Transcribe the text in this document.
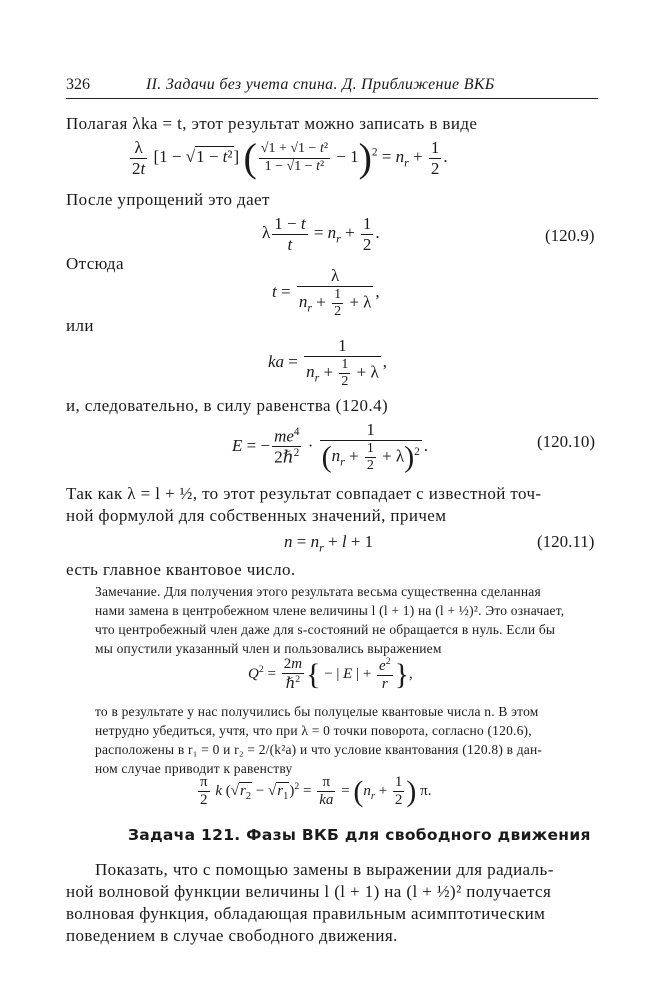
326	II. Задачи без учета спина. Д. Приближение ВКБ
Полагая λka = t, этот результат можно записать в виде
$\frac{\lambda}{2t} [1 - √1 - t^2]$ ( $\frac{\text{√1 + √1 − t²}}{\text{1 − √1 − t²}} - 1)^2 = n_r + \frac{1}{2}$ .
После упрощений это дает
λ $\frac{1 - t}{t} = n_r + \frac{1}{2}$ .	(120.9)
Отсюда
$t = \frac{\lambda}{n_r + \frac{1}{2} + \lambda}$ ,
или
ka = $\frac{1}{n_r + \frac{1}{2} + \lambda}$ ,
и, следовательно, в силу равенства (120.4)
E = − $\frac{me^4}{2\hbar^2} \cdot \frac{1}{(n_r + \frac{1}{2} + \lambda)^2}$ .	(120.10)
Так как λ = l + ½, то этот результат совпадает с известной точ-
ной формулой для собственных значений, причем
$n = n_r + l + 1$	(120.11)
есть главное квантовое число.
Замечание. Для получения этого результата весьма существенна сделанная
нами замена в центробежном члене величины l (l + 1) на (l + ½)². Это означает,
что центробежный член даже для s-состояний не обращается в нуль. Если бы
мы опустили указанный член и пользовались выражением
$Q^2 = \frac{2m}{\hbar^2}$ { − | E | + $\frac{e^2}{r}$ },
то в результате у нас получились бы полуцелые квантовые числа n. В этом
нетрудно убедиться, учтя, что при λ = 0 точки поворота, согласно (120.6),
расположены в r₁ = 0 и r₂ = 2/(k²a) и что условие квантования (120.8) в дан-
ном случае приводит к равенству
$\frac{\pi}{2}$ k $(√r_2 - √r_1)^2 = \frac{\pi}{ka} = (n_r + \frac{1}{2}$ ) π.
Задача 121. Фазы ВКБ для свободного движения
Показать, что с помощью замены в выражении для радиаль-
ной волновой функции величины l (l + 1) на (l + ½)² получается
волновая функция, обладающая правильным асимптотическим
поведением в случае свободного движения.
